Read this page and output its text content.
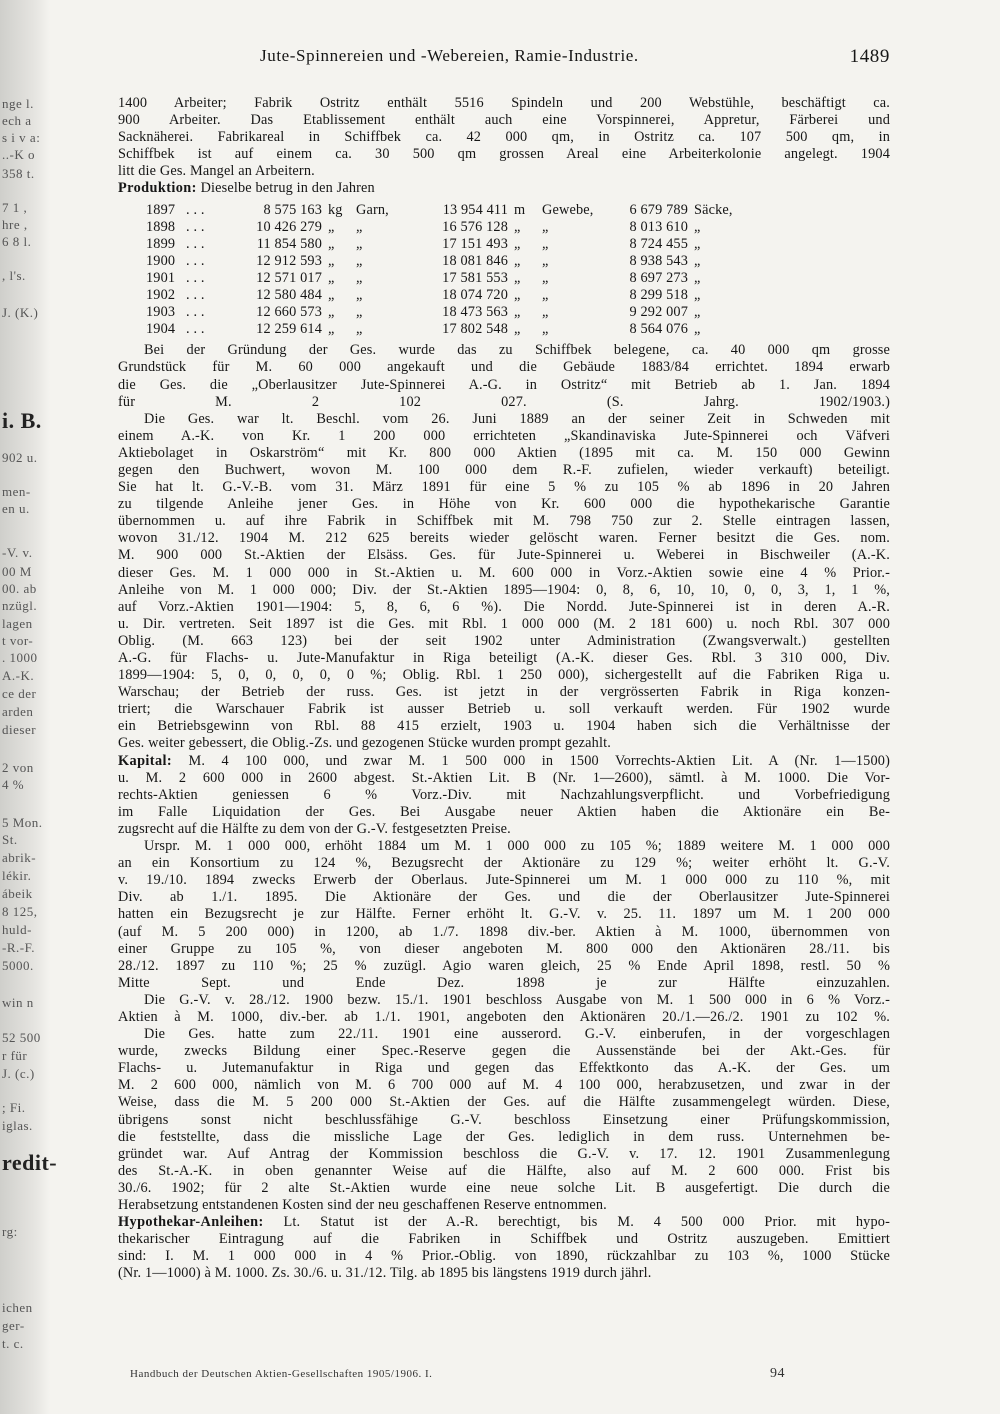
nge l.
ech a
s i v a:
..-K o
358 t.
7 1 ,
hre ,
6 8 l.
, l's.
J. (K.)
i. B.
902 u.
men-
en u.
-V. v.
00 M
00. ab
nzügl.
lagen
t vor-
. 1000
A.-K.
ce der
arden
dieser
2 von
4 %
5 Mon.
St.
abrik-
lékir.
ábeik
8 125,
huld-
-R.-F.
5000.
win n
52 500
r für
J. (c.)
; Fi.
iglas.
redit-
rg:
ichen
ger-
t. c.
Jute-Spinnereien und -Webereien, Ramie-Industrie.	1489
1400 Arbeiter; Fabrik Ostritz enthält 5516 Spindeln und 200 Webstühle, beschäftigt ca.
900 Arbeiter. Das Etablissement enthält auch eine Vorspinnerei, Appretur, Färberei und
Sacknäherei. Fabrikareal in Schiffbek ca. 42 000 qm, in Ostritz ca. 107 500 qm, in
Schiffbek ist auf einem ca. 30 500 qm grossen Areal eine Arbeiterkolonie angelegt. 1904
litt die Ges. Mangel an Arbeitern.
Produktion: Dieselbe betrug in den Jahren
1897	. . .	8 575 163	kg	Garn,	13 954 411	m	Gewebe,	6 679 789	Säcke,
1898	. . .	10 426 279	„	„	16 576 128	„	„	8 013 610	„
1899	. . .	11 854 580	„	„	17 151 493	„	„	8 724 455	„
1900	. . .	12 912 593	„	„	18 081 846	„	„	8 938 543	„
1901	. . .	12 571 017	„	„	17 581 553	„	„	8 697 273	„
1902	. . .	12 580 484	„	„	18 074 720	„	„	8 299 518	„
1903	. . .	12 660 573	„	„	18 473 563	„	„	9 292 007	„
1904	. . .	12 259 614	„	„	17 802 548	„	„	8 564 076	„
Bei der Gründung der Ges. wurde das zu Schiffbek belegene, ca. 40 000 qm grosse
Grundstück für M. 60 000 angekauft und die Gebäude 1883/84 errichtet. 1894 erwarb
die Ges. die „Oberlausitzer Jute-Spinnerei A.-G. in Ostritz“ mit Betrieb ab 1. Jan. 1894
für M. 2 102 027. (S. Jahrg. 1902/1903.)
Die Ges. war lt. Beschl. vom 26. Juni 1889 an der seiner Zeit in Schweden mit
einem A.-K. von Kr. 1 200 000 errichteten „Skandinaviska Jute-Spinnerei och Väfveri
Aktiebolaget in Oskarström“ mit Kr. 800 000 Aktien (1895 mit ca. M. 150 000 Gewinn
gegen den Buchwert, wovon M. 100 000 dem R.-F. zufielen, wieder verkauft) beteiligt.
Sie hat lt. G.-V.-B. vom 31. März 1891 für eine 5 % zu 105 % ab 1896 in 20 Jahren
zu tilgende Anleihe jener Ges. in Höhe von Kr. 600 000 die hypothekarische Garantie
übernommen u. auf ihre Fabrik in Schiffbek mit M. 798 750 zur 2. Stelle eintragen lassen,
wovon 31./12. 1904 M. 212 625 bereits wieder gelöscht waren. Ferner besitzt die Ges. nom.
M. 900 000 St.-Aktien der Elsäss. Ges. für Jute-Spinnerei u. Weberei in Bischweiler (A.-K.
dieser Ges. M. 1 000 000 in St.-Aktien u. M. 600 000 in Vorz.-Aktien sowie eine 4 % Prior.-
Anleihe von M. 1 000 000; Div. der St.-Aktien 1895—1904: 0, 8, 6, 10, 10, 0, 0, 3, 1, 1 %,
auf Vorz.-Aktien 1901—1904: 5, 8, 6, 6 %). Die Nordd. Jute-Spinnerei ist in deren A.-R.
u. Dir. vertreten. Seit 1897 ist die Ges. mit Rbl. 1 000 000 (M. 2 181 600) u. noch Rbl. 307 000
Oblig. (M. 663 123) bei der seit 1902 unter Administration (Zwangsverwalt.) gestellten
A.-G. für Flachs- u. Jute-Manufaktur in Riga beteiligt (A.-K. dieser Ges. Rbl. 3 310 000, Div.
1899—1904: 5, 0, 0, 0, 0, 0 %; Oblig. Rbl. 1 250 000), sichergestellt auf die Fabriken Riga u.
Warschau; der Betrieb der russ. Ges. ist jetzt in der vergrösserten Fabrik in Riga konzen-
triert; die Warschauer Fabrik ist ausser Betrieb u. soll verkauft werden. Für 1902 wurde
ein Betriebsgewinn von Rbl. 88 415 erzielt, 1903 u. 1904 haben sich die Verhältnisse der
Ges. weiter gebessert, die Oblig.-Zs. und gezogenen Stücke wurden prompt gezahlt.
Kapital: M. 4 100 000, und zwar M. 1 500 000 in 1500 Vorrechts-Aktien Lit. A (Nr. 1—1500)
u. M. 2 600 000 in 2600 abgest. St.-Aktien Lit. B (Nr. 1—2600), sämtl. à M. 1000. Die Vor-
rechts-Aktien geniessen 6 % Vorz.-Div. mit Nachzahlungsverpflicht. und Vorbefriedigung
im Falle Liquidation der Ges. Bei Ausgabe neuer Aktien haben die Aktionäre ein Be-
zugsrecht auf die Hälfte zu dem von der G.-V. festgesetzten Preise.
Urspr. M. 1 000 000, erhöht 1884 um M. 1 000 000 zu 105 %; 1889 weitere M. 1 000 000
an ein Konsortium zu 124 %, Bezugsrecht der Aktionäre zu 129 %; weiter erhöht lt. G.-V.
v. 19./10. 1894 zwecks Erwerb der Oberlaus. Jute-Spinnerei um M. 1 000 000 zu 110 %, mit
Div. ab 1./1. 1895. Die Aktionäre der Ges. und die der Oberlausitzer Jute-Spinnerei
hatten ein Bezugsrecht je zur Hälfte. Ferner erhöht lt. G.-V. v. 25. 11. 1897 um M. 1 200 000
(auf M. 5 200 000) in 1200, ab 1./7. 1898 div.-ber. Aktien à M. 1000, übernommen von
einer Gruppe zu 105 %, von dieser angeboten M. 800 000 den Aktionären 28./11. bis
28./12. 1897 zu 110 %; 25 % zuzügl. Agio waren gleich, 25 % Ende April 1898, restl. 50 %
Mitte Sept. und Ende Dez. 1898 je zur Hälfte einzuzahlen.
Die G.-V. v. 28./12. 1900 bezw. 15./1. 1901 beschloss Ausgabe von M. 1 500 000 in 6 % Vorz.-
Aktien à M. 1000, div.-ber. ab 1./1. 1901, angeboten den Aktionären 20./1.—26./2. 1901 zu 102 %.
Die Ges. hatte zum 22./11. 1901 eine ausserord. G.-V. einberufen, in der vorgeschlagen
wurde, zwecks Bildung einer Spec.-Reserve gegen die Aussenstände bei der Akt.-Ges. für
Flachs- u. Jutemanufaktur in Riga und gegen das Effektkonto das A.-K. der Ges. um
M. 2 600 000, nämlich von M. 6 700 000 auf M. 4 100 000, herabzusetzen, und zwar in der
Weise, dass die M. 5 200 000 St.-Aktien der Ges. auf die Hälfte zusammengelegt würden. Diese,
übrigens sonst nicht beschlussfähige G.-V. beschloss Einsetzung einer Prüfungskommission,
die feststellte, dass die missliche Lage der Ges. lediglich in dem russ. Unternehmen be-
gründet war. Auf Antrag der Kommission beschloss die G.-V. v. 17. 12. 1901 Zusammenlegung
des St.-A.-K. in oben genannter Weise auf die Hälfte, also auf M. 2 600 000. Frist bis
30./6. 1902; für 2 alte St.-Aktien wurde eine neue solche Lit. B ausgefertigt. Die durch die
Herabsetzung entstandenen Kosten sind der neu geschaffenen Reserve entnommen.
Hypothekar-Anleihen: Lt. Statut ist der A.-R. berechtigt, bis M. 4 500 000 Prior. mit hypo-
thekarischer Eintragung auf die Fabriken in Schiffbek und Ostritz auszugeben. Emittiert
sind: I. M. 1 000 000 in 4 % Prior.-Oblig. von 1890, rückzahlbar zu 103 %, 1000 Stücke
(Nr. 1—1000) à M. 1000. Zs. 30./6. u. 31./12. Tilg. ab 1895 bis längstens 1919 durch jährl.
Handbuch der Deutschen Aktien-Gesellschaften 1905/1906. I.	94
